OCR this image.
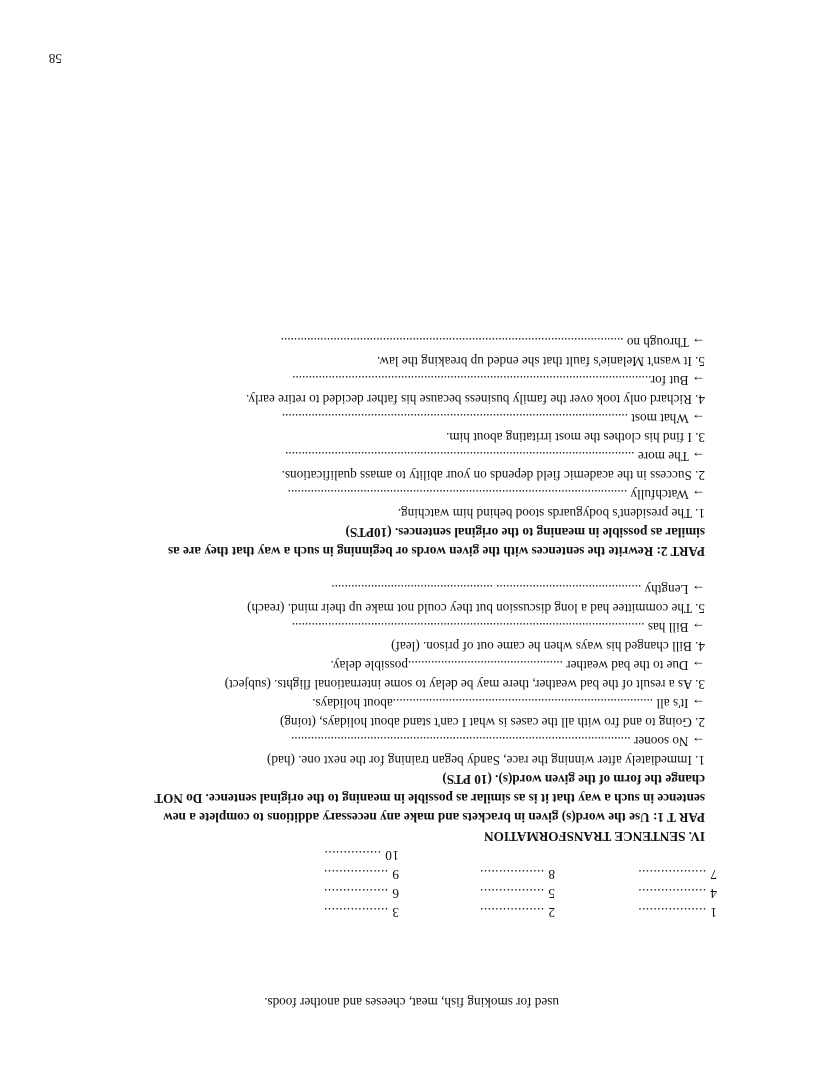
used for smoking fish, meat, cheeses and another foods.
1 ..................
2 .................
3 .................
4 ..................
5 .................
6 .................
7 ..................
8 .................
9 .................
10 ...............
IV. SENTENCE TRANSFORMATION
PAR T 1: Use the word(s) given in brackets and make any necessary additions to complete a new
sentence in such a way that it is as similar as possible in meaning to the original sentence. Do NOT
change the form of the given word(s). (10 PTS)
1. Immediately after winning the race, Sandy began training for the next one. (had)
→ No sooner .......................................................................................................
2. Going to and fro with all the cases is what I can't stand about holidays, (toing)
→ It's all ...............................................................................about holidays.
3. As a result of the bad weather, there may be delay to some international flights. (subject)
→ Due to the bad weather ...............................................possible delay.
4. Bill changed his ways when he came out of prison. (leaf)
→ Bill has ...........................................................................................................
5. The committee had a long discussion but they could not make up their mind. (reach)
→ Lengthy ............................................ .................................................
PART 2: Rewrite the sentences with the given words or beginning in such a way that they are as
similar as possible in meaning to the original sentences. (10PTS)
1. The president's bodyguards stood behind him watching.
→ Watchfully .......................................................................................................
2. Success in the academic field depends on your ability to amass qualifications.
→ The more ..........................................................................................................
3. I find his clothes the most irritating about him.
→ What most .........................................................................................................
4. Richard only took over the family business because his father decided to retire early.
→ But for.............................................................................................................
5. It wasn't Melanie's fault that she ended up breaking the law.
→ Through no ........................................................................................................
58
